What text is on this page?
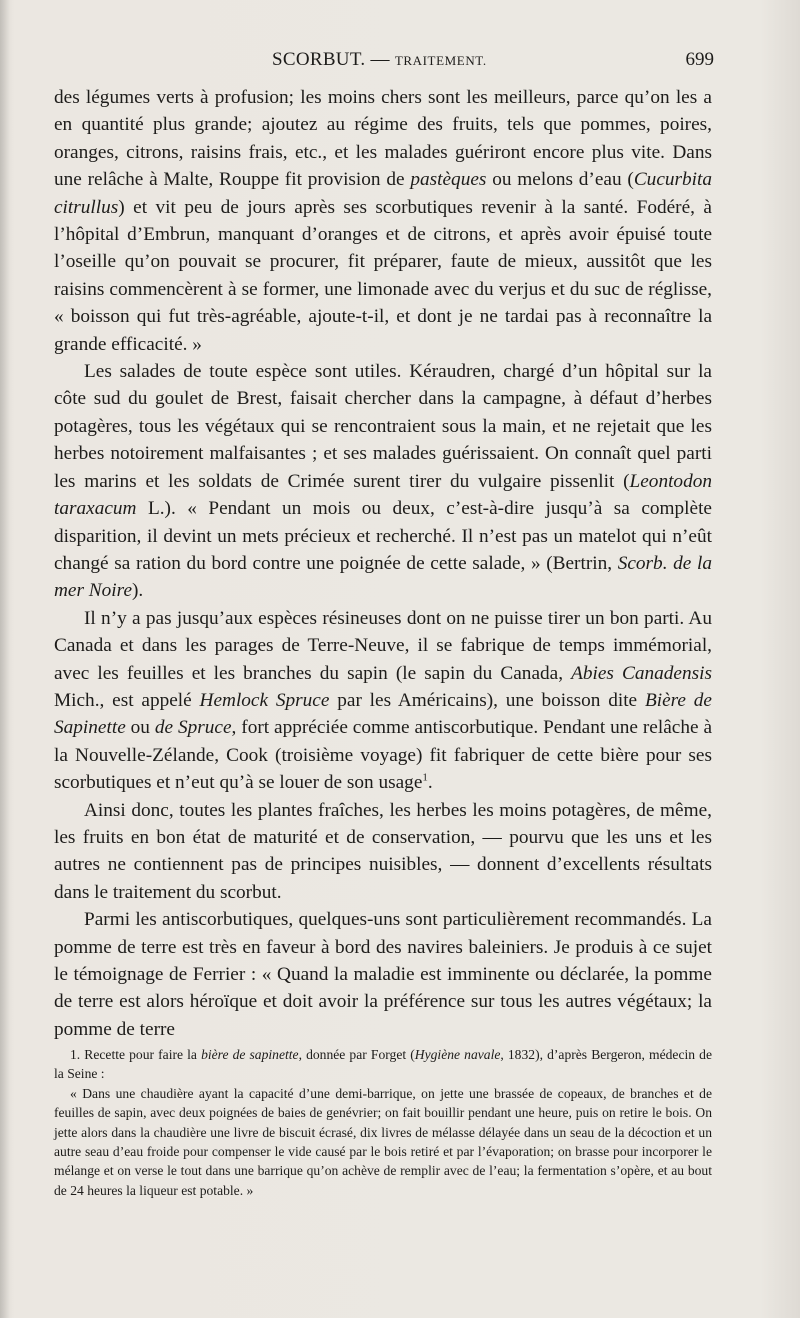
SCORBUT. — TRAITEMENT.	699

des légumes verts à profusion; les moins chers sont les meilleurs, parce qu’on les a en quantité plus grande; ajoutez au régime des fruits, tels que pommes, poires, oranges, citrons, raisins frais, etc., et les malades guériront encore plus vite. Dans une relâche à Malte, Rouppe fit provision de pastèques ou melons d’eau (Cucurbita citrullus) et vit peu de jours après ses scorbutiques revenir à la santé. Fodéré, à l’hôpital d’Embrun, manquant d’oranges et de citrons, et après avoir épuisé toute l’oseille qu’on pouvait se procurer, fit préparer, faute de mieux, aussitôt que les raisins commencèrent à se former, une limonade avec du verjus et du suc de réglisse, « boisson qui fut très-agréable, ajoute-t-il, et dont je ne tardai pas à reconnaître la grande efficacité. »

Les salades de toute espèce sont utiles. Kéraudren, chargé d’un hôpital sur la côte sud du goulet de Brest, faisait chercher dans la campagne, à défaut d’herbes potagères, tous les végétaux qui se rencontraient sous la main, et ne rejetait que les herbes notoirement malfaisantes ; et ses malades guérissaient. On connaît quel parti les marins et les soldats de Crimée surent tirer du vulgaire pissenlit (Leontodon taraxacum L.). « Pendant un mois ou deux, c’est-à-dire jusqu’à sa complète disparition, il devint un mets précieux et recherché. Il n’est pas un matelot qui n’eût changé sa ration du bord contre une poignée de cette salade, » (Bertrin, Scorb. de la mer Noire).

Il n’y a pas jusqu’aux espèces résineuses dont on ne puisse tirer un bon parti. Au Canada et dans les parages de Terre-Neuve, il se fabrique de temps immémorial, avec les feuilles et les branches du sapin (le sapin du Canada, Abies Canadensis Mich., est appelé Hemlock Spruce par les Américains), une boisson dite Bière de Sapinette ou de Spruce, fort appréciée comme antiscorbutique. Pendant une relâche à la Nouvelle-Zélande, Cook (troisième voyage) fit fabriquer de cette bière pour ses scorbutiques et n’eut qu’à se louer de son usage$^1$.

Ainsi donc, toutes les plantes fraîches, les herbes les moins potagères, de même, les fruits en bon état de maturité et de conservation, — pourvu que les uns et les autres ne contiennent pas de principes nuisibles, — donnent d’excellents résultats dans le traitement du scorbut.

Parmi les antiscorbutiques, quelques-uns sont particulièrement recommandés. La pomme de terre est très en faveur à bord des navires baleiniers. Je produis à ce sujet le témoignage de Ferrier : « Quand la maladie est imminente ou déclarée, la pomme de terre est alors héroïque et doit avoir la préférence sur tous les autres végétaux; la pomme de terre

1. Recette pour faire la bière de sapinette, donnée par Forget (Hygiène navale, 1832), d’après Bergeron, médecin de la Seine :

« Dans une chaudière ayant la capacité d’une demi-barrique, on jette une brassée de copeaux, de branches et de feuilles de sapin, avec deux poignées de baies de genévrier; on fait bouillir pendant une heure, puis on retire le bois. On jette alors dans la chaudière une livre de biscuit écrasé, dix livres de mélasse délayée dans un seau de la décoction et un autre seau d’eau froide pour compenser le vide causé par le bois retiré et par l’évaporation; on brasse pour incorporer le mélange et on verse le tout dans une barrique qu’on achève de remplir avec de l’eau; la fermentation s’opère, et au bout de 24 heures la liqueur est potable. »
